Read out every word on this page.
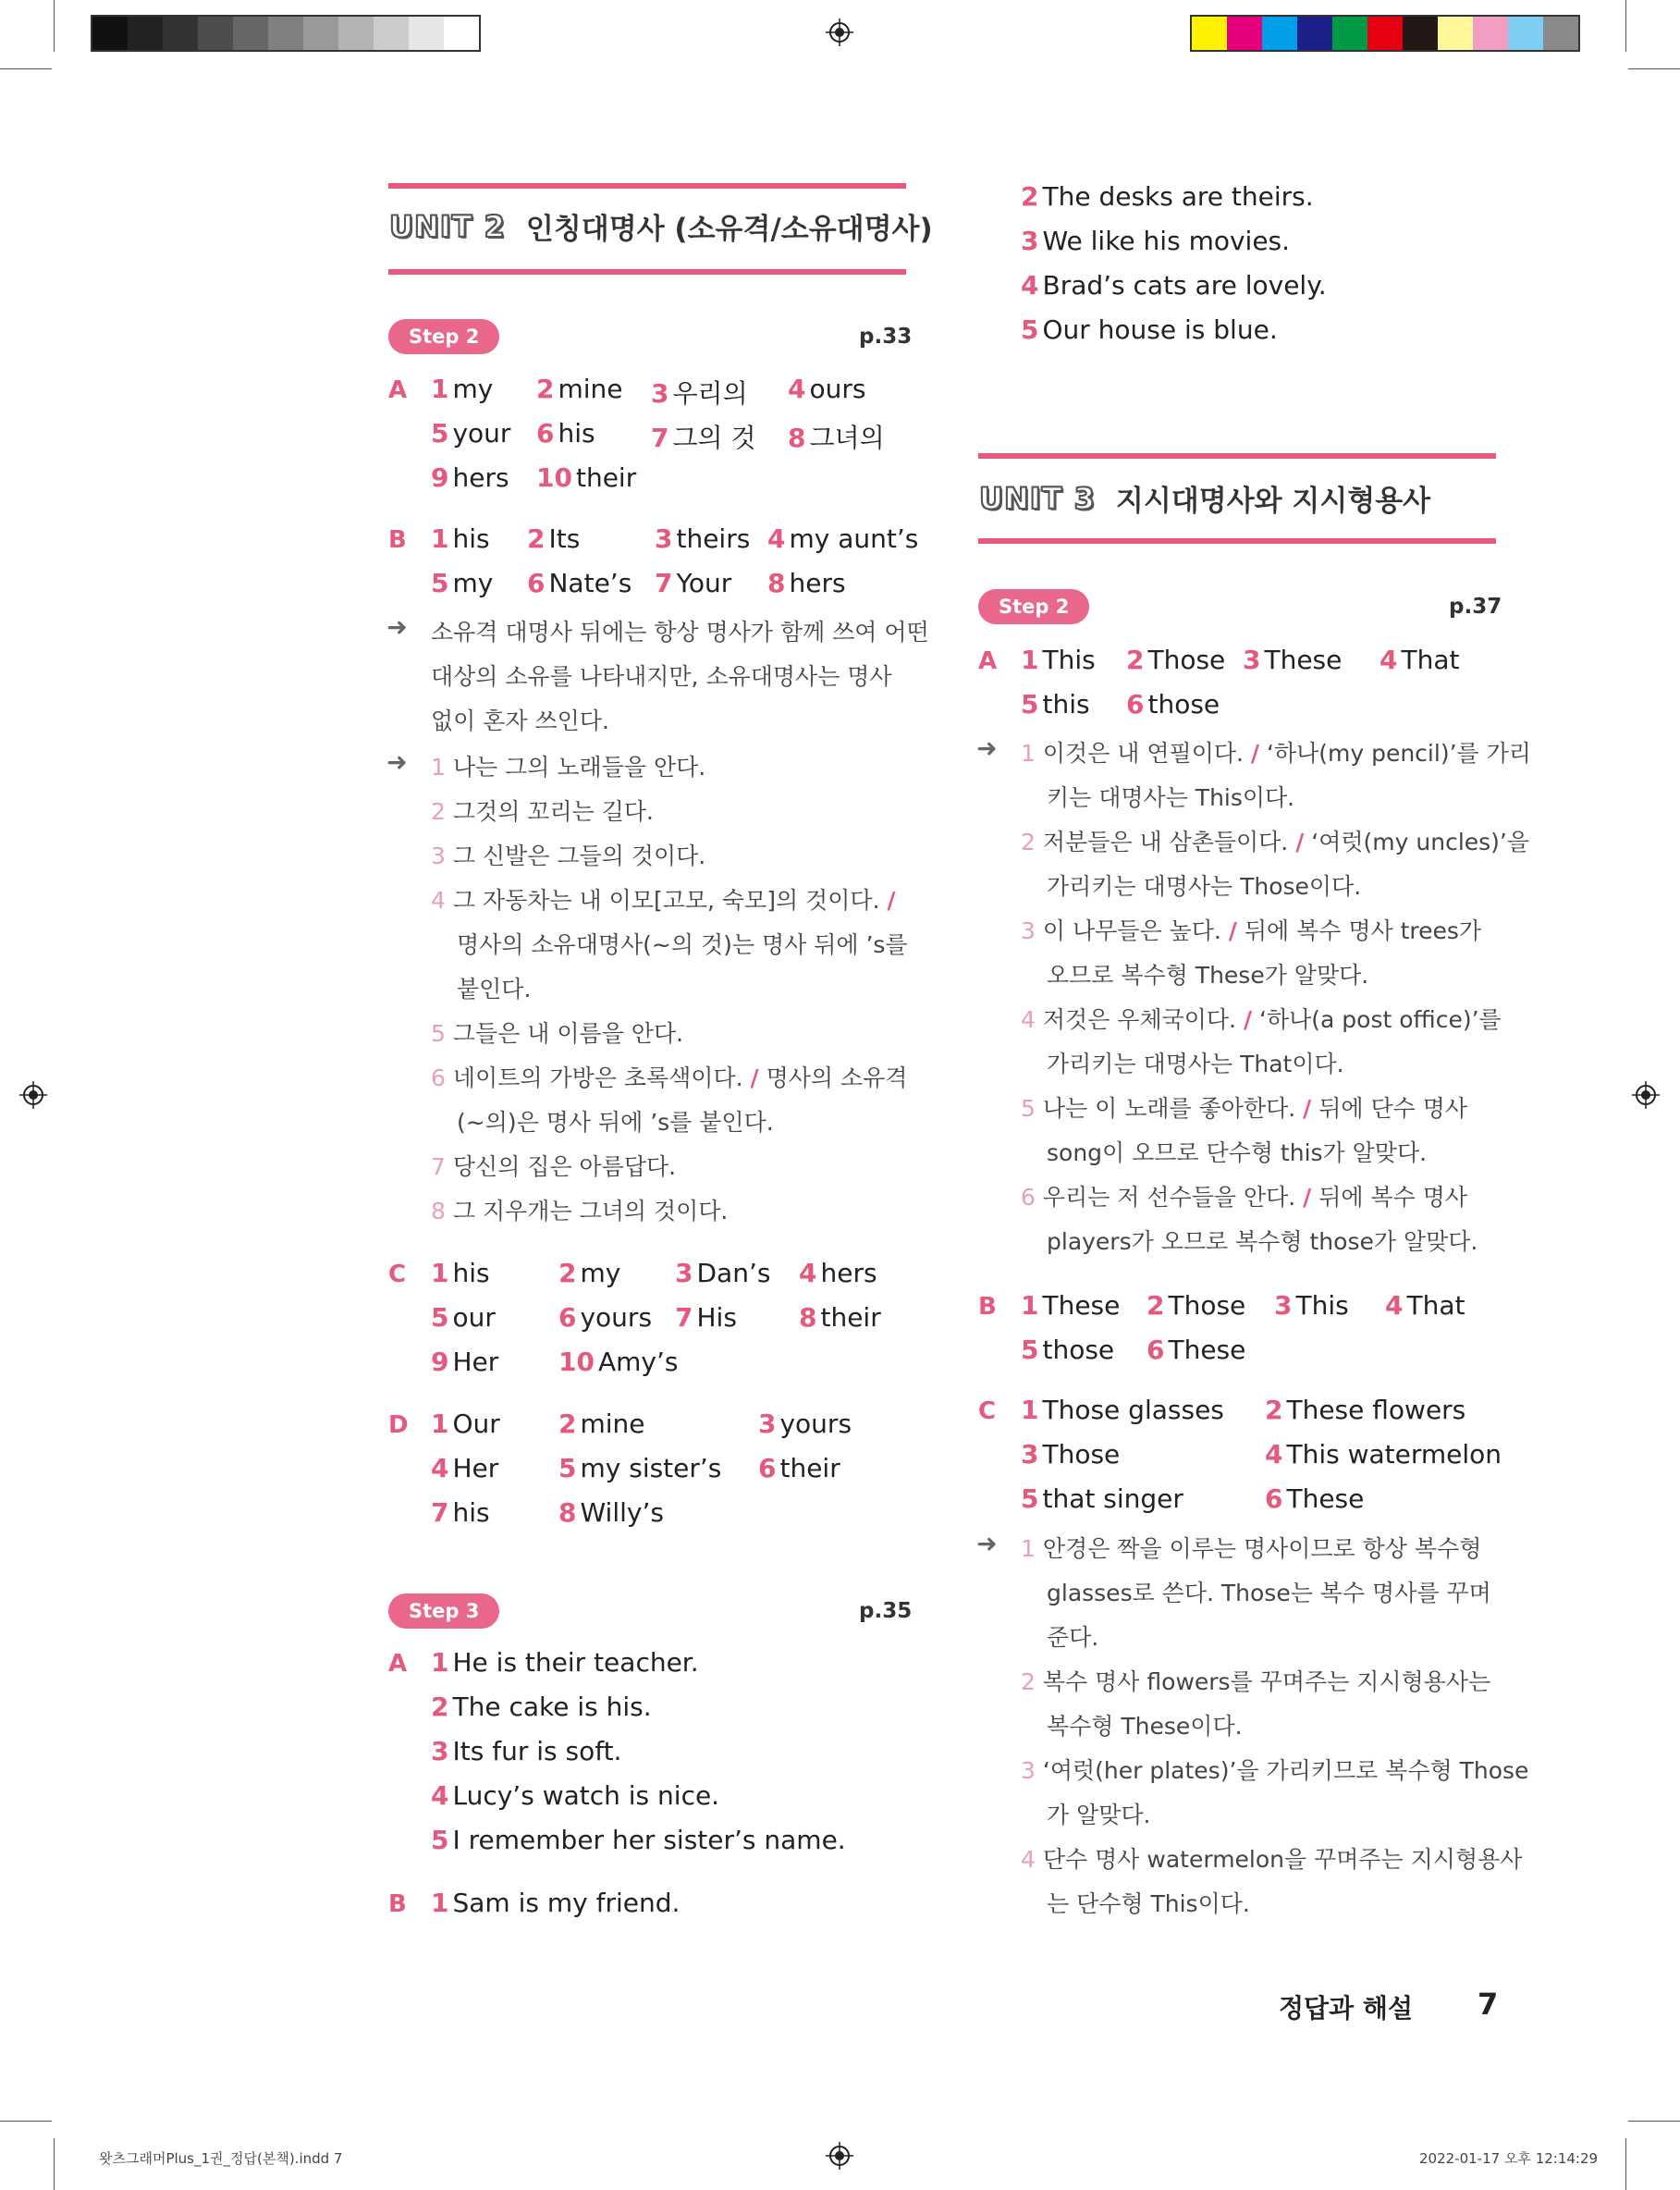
UNIT 2 인칭대명사 (소유격/소유대명사)
Step 2	p.33
A 1 my 2 mine 3 우리의 4 ours
5 your 6 his 7 그의 것 8 그녀의
9 hers 10 their
B 1 his 2 Its	3 theirs 4 my aunt’s
5 my 6 Nate’s 7 Your 8 hers
➜ 소유격 대명사 뒤에는 항상 명사가 함께 쓰여 어떤
대상의 소유를 나타내지만, 소유대명사는 명사
없이 혼자 쓰인다.
➜ 1 나는 그의 노래들을 안다.
2 그것의 꼬리는 길다.
3 그 신발은 그들의 것이다.
4 그 자동차는 내 이모[고모, 숙모]의 것이다. /
명사의 소유대명사(~의 것)는 명사 뒤에 ’s를
붙인다.
5 그들은 내 이름을 안다.
6 네이트의 가방은 초록색이다. / 명사의 소유격
(~의)은 명사 뒤에 ’s를 붙인다.
7 당신의 집은 아름답다.
8 그 지우개는 그녀의 것이다.
C 1 his	2 my 3 Dan’s 4 hers
5 our 6 yours 7 His 8 their
9 Her 10 Amy’s
D 1 Our 2 mine	3 yours
4 Her 5 my sister’s 6 their
7 his	8 Willy’s
Step 3	p.35
A 1 He is their teacher.
2 The cake is his.
3 Its fur is soft.
4 Lucy’s watch is nice.
5 I remember her sister’s name.
B 1 Sam is my friend.
2 The desks are theirs.
3 We like his movies.
4 Brad’s cats are lovely.
5 Our house is blue.
UNIT 3 지시대명사와 지시형용사
Step 2	p.37
A 1 This 2 Those 3 These 4 That
5 this 6 those
➜ 1 이것은 내 연필이다. / ‘하나(my pencil)’를 가리
키는 대명사는 This이다.
2 저분들은 내 삼촌들이다. / ‘여럿(my uncles)’을
가리키는 대명사는 Those이다.
3 이 나무들은 높다. / 뒤에 복수 명사 trees가
오므로 복수형 These가 알맞다.
4 저것은 우체국이다. / ‘하나(a post office)’를
가리키는 대명사는 That이다.
5 나는 이 노래를 좋아한다. / 뒤에 단수 명사
song이 오므로 단수형 this가 알맞다.
6 우리는 저 선수들을 안다. / 뒤에 복수 명사
players가 오므로 복수형 those가 알맞다.
B 1 These 2 Those 3 This 4 That
5 those 6 These
C 1 Those glasses 2 These flowers
3 Those	4 This watermelon
5 that singer	6 These
➜ 1 안경은 짝을 이루는 명사이므로 항상 복수형
glasses로 쓴다. Those는 복수 명사를 꾸며
준다.
2 복수 명사 flowers를 꾸며주는 지시형용사는
복수형 These이다.
3 ‘여럿(her plates)’을 가리키므로 복수형 Those
가 알맞다.
4 단수 명사 watermelon을 꾸며주는 지시형용사
는 단수형 This이다.
정답과 해설 7
왓츠그래머Plus_1권_정답(본책).indd 7	2022-01-17 오후 12:14:29
